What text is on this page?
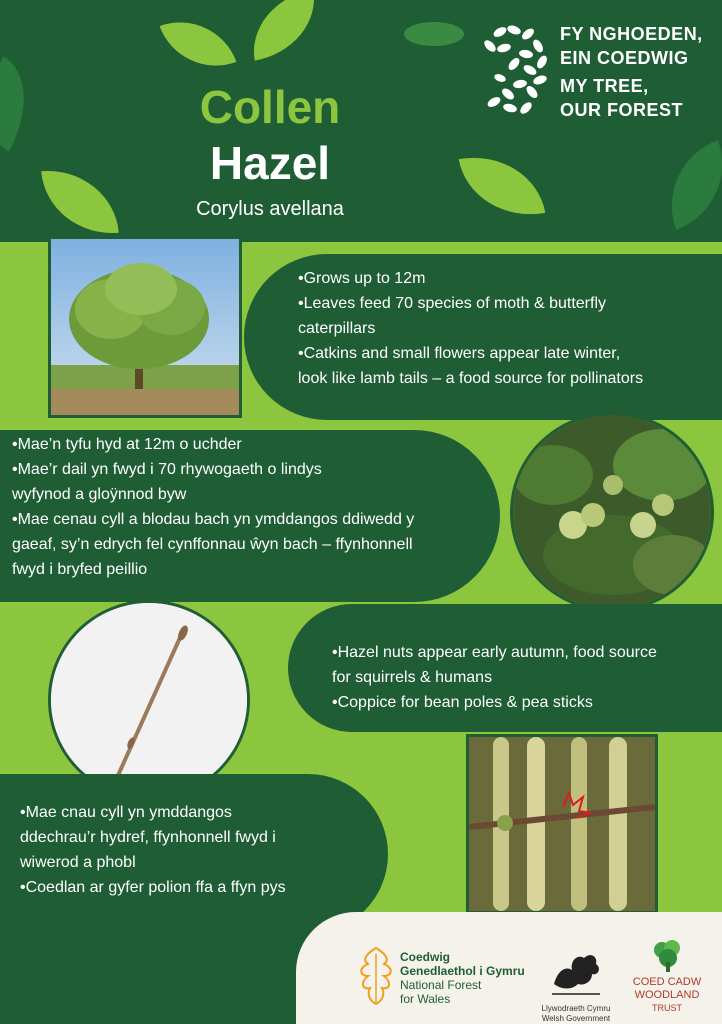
Collen
Hazel
Corylus avellana
FY NGHOEDEN,
EIN COEDWIG
MY TREE,
OUR FOREST
•Grows up to 12m
•Leaves feed 70 species of moth & butterfly
caterpillars
•Catkins and small flowers appear late winter,
look like lamb tails – a food source for pollinators
•Mae’n tyfu hyd at 12m o uchder
•Mae’r dail yn fwyd i 70 rhywogaeth o lindys
wyfynod a gloÿnnod byw
•Mae cenau cyll a blodau bach yn ymddangos ddiwedd y
gaeaf, sy’n edrych fel cynffonnau ŵyn bach – ffynhonnell
fwyd i bryfed peillio
•Hazel nuts appear early autumn, food source
for squirrels & humans
•Coppice for bean poles & pea sticks
•Mae cnau cyll yn ymddangos
ddechrau’r hydref, ffynhonnell fwyd i
wiwerod a phobl
•Coedlan ar gyfer polion ffa a ffyn pys
Coedwig
Genedlaethol i Gymru
National Forest
for Wales
Llywodraeth Cymru
Welsh Government
COED CADW
WOODLAND
TRUST
